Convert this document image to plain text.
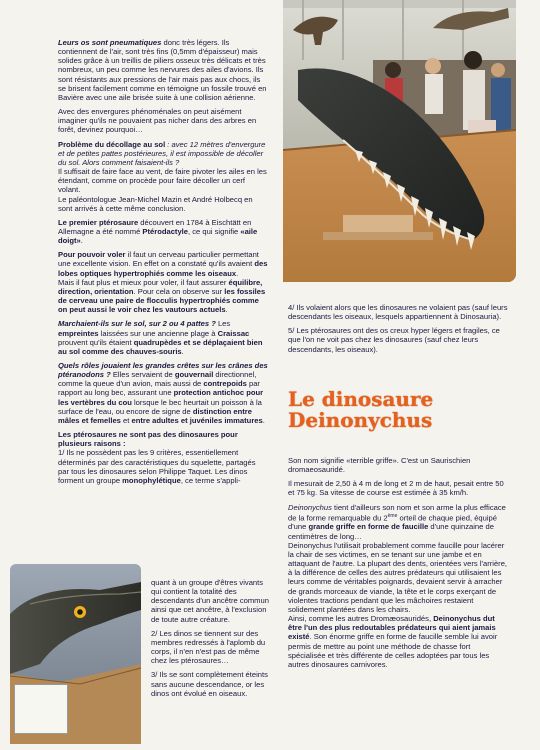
Leurs os sont pneumatiques donc très légers. Ils contiennent de l'air, sont très fins (0,5mm d'épaisseur) mais solides grâce à un treillis de piliers osseux très délicats et très nombreux, un peu comme les nervures des ailes d'avions. Ils sont résistants aux pressions de l'air mais pas aux chocs, ils se brisent facilement comme en témoigne un fossile trouvé en Bavière avec une aile brisée suite à une collision aérienne.

Avec des envergures phénoménales on peut aisément imaginer qu'ils ne pouvaient pas nicher dans des arbres en forêt, devinez pourquoi…

Problème du décollage au sol : avec 12 mètres d'envergure et de petites pattes postérieures, il est impossible de décoller du sol. Alors comment faisaient-ils ?
Il suffisait de faire face au vent, de faire pivoter les ailes en les étendant, comme on procède pour faire décoller un cerf volant.
Le paléontologue Jean-Michel Mazin et André Holbecq en sont arrivés à cette même conclusion.

Le premier ptérosaure découvert en 1784 à Eischtätt en Allemagne a été nommé Ptérodactyle, ce qui signifie «aile doigt».

Pour pouvoir voler il faut un cerveau particulier permettant une excellente vision. En effet on a constaté qu'ils avaient des lobes optiques hypertrophiés comme les oiseaux.
Mais il faut plus et mieux pour voler, il faut assurer équilibre, direction, orientation. Pour cela on observe sur les fossiles de cerveau une paire de flocculis hypertrophiés comme on peut aussi le voir chez les vautours actuels.

Marchaient-ils sur le sol, sur 2 ou 4 pattes ? Les empreintes laissées sur une ancienne plage à Craissac prouvent qu'ils étaient quadrupèdes et se déplaçaient bien au sol comme des chauves-souris.

Quels rôles jouaient les grandes crêtes sur les crânes des ptéranodons ? Elles servaient de gouvernail directionnel, comme la queue d'un avion, mais aussi de contrepoids par rapport au long bec, assurant une protection antichoc pour les vertèbres du cou lorsque le bec heurtait un poisson à la surface de l'eau, ou encore de signe de distinction entre mâles et femelles et entre adultes et juvéniles immatures.

Les ptérosaures ne sont pas des dinosaures pour plusieurs raisons :

1/ Ils ne possèdent pas les 9 critères, essentiellement déterminés par des caractéristiques du squelette, partagés par tous les dinosaures selon Philippe Taquet. Les dinos forment un groupe monophylétique, ce terme s'appli-

quant à un groupe d'êtres vivants qui contient la totalité des descendants d'un ancêtre commun ainsi que cet ancêtre, à l'exclusion de toute autre créature.

2/ Les dinos se tiennent sur des membres redressés à l'aplomb du corps, il n'en n'est pas de même chez les ptérosaures…

3/ Ils se sont complètement éteints sans aucune descendance, or les dinos ont évolué en oiseaux.

4/ Ils volaient alors que les dinosaures ne volaient pas (sauf leurs descendants les oiseaux, lesquels appartiennent à Dinosauria).

5/ Les ptérosaures ont des os creux hyper légers et fragiles, ce que l'on ne voit pas chez les dinosaures (sauf chez leurs descendants, les oiseaux).

Le dinosaure
Deinonychus

Son nom signifie «terrible griffe». C'est un Saurischien dromaeosauridé.

Il mesurait de 2,50 à 4 m de long et 2 m de haut, pesait entre 50 et 75 kg. Sa vitesse de course est estimée à 35 km/h.

Deinonychus tient d'ailleurs son nom et son arme la plus efficace de la forme remarquable du 2ème orteil de chaque pied, équipé d'une grande griffe en forme de faucille d'une quinzaine de centimètres de long…

Deinonychus l'utilisait probablement comme faucille pour lacérer la chair de ses victimes, en se tenant sur une jambe et en attaquant de l'autre. La plupart des dents, orientées vers l'arrière, à la différence de celles des autres prédateurs qui utilisaient les leurs comme de véritables poignards, devaient servir à arracher de grands morceaux de viande, la tête et le corps exerçant de violentes tractions pendant que les mâchoires restaient solidement plantées dans les chairs.

Ainsi, comme les autres Dromæosauridés, Deinonychus dut être l'un des plus redoutables prédateurs qui aient jamais existé. Son énorme griffe en forme de faucille semble lui avoir permis de mettre au point une méthode de chasse fort spécialisée et très différente de celles adoptées par tous les autres dinosaures carnivores.
